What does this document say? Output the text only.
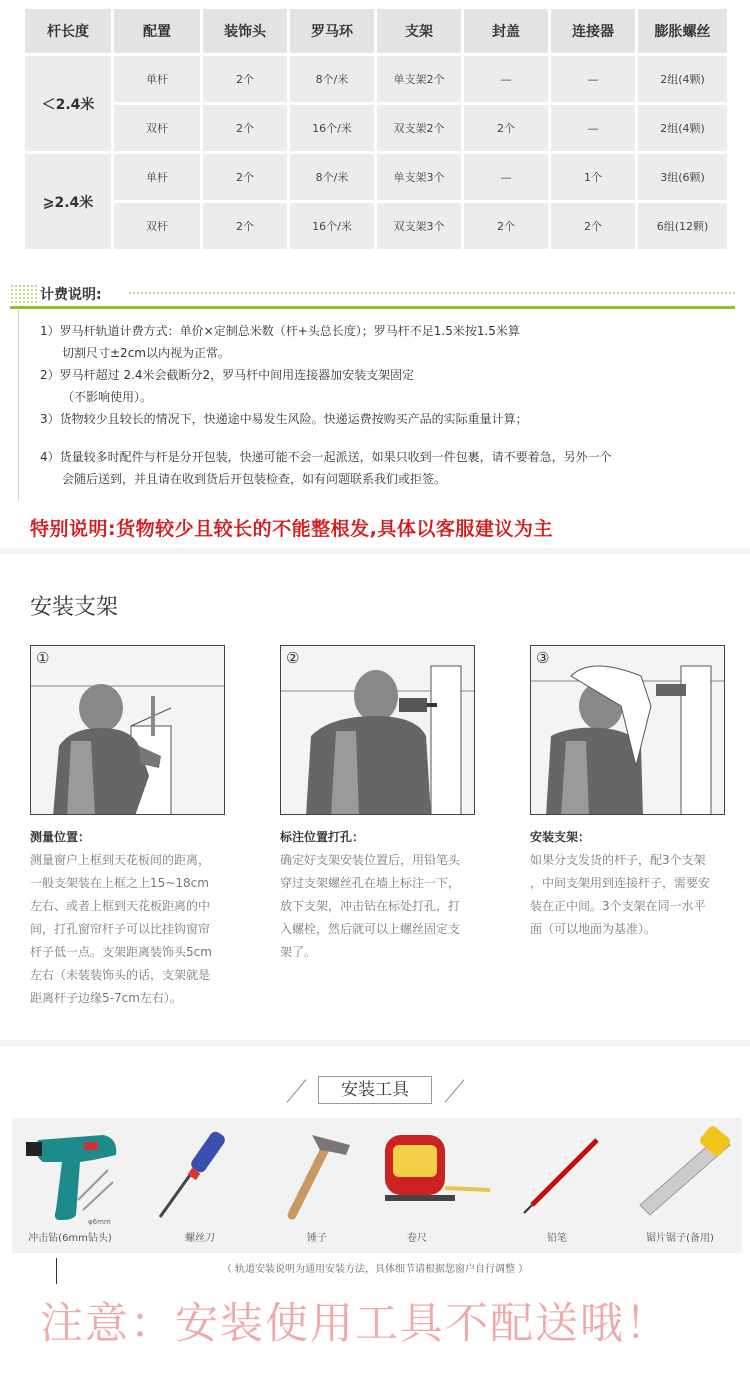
杆长度	配置	装饰头	罗马环	支架	封盖	连接器	膨胀螺丝
＜2.4米	单杆	2个	8个/米	单支架2个	—	—	2组(4颗)
	双杆	2个	16个/米	双支架2个	2个	—	2组(4颗)
⩾2.4米	单杆	2个	8个/米	单支架3个	—	1个	3组(6颗)
	双杆	2个	16个/米	双支架3个	2个	2个	6组(12颗)
计费说明:

1）罗马杆轨道计费方式：单价×定制总米数（杆+头总长度）；罗马杆不足1.5米按1.5米算

切割尺寸±2cm以内视为正常。

2）罗马杆超过 2.4米会截断分2，罗马杆中间用连接器加安装支架固定

（不影响使用）。

3）货物较少且较长的情况下，快递途中易发生风险。快递运费按购买产品的实际重量计算；

4）货量较多时配件与杆是分开包装，快递可能不会一起派送，如果只收到一件包裹，请不要着急，另外一个

会随后送到，并且请在收到货后开包装检查，如有问题联系我们或拒签。

特别说明:货物较少且较长的不能整根发,具体以客服建议为主
安装支架
①	②	③
测量位置：
测量窗户上框到天花板间的距离，
一般支架装在上框之上15~18cm
左右、或者上框到天花板距离的中
间，打孔窗帘杆子可以比挂钩窗帘
杆子低一点。支架距离装饰头5cm
左右（未装装饰头的话，支架就是
距离杆子边缘5-7cm左右）。
标注位置打孔：
确定好支架安装位置后，用铅笔头
穿过支架螺丝孔在墙上标注一下，
放下支架，冲击钻在标处打孔，打
入螺栓，然后就可以上螺丝固定支
架了。
安装支架：
如果分支发货的杆子，配3个支架
，中间支架用到连接杆子，需要安
装在正中间。3个支架在同一水平
面（可以地面为基准）。
安装工具
φ6mm
冲击钻(6mm钻头)	螺丝刀	锤子	卷尺	铅笔	锯片锯子(备用)
（ 轨道安装说明为通用安装方法，具体细节请根据您窗户自行调整 ）
注意：安装使用工具不配送哦！
